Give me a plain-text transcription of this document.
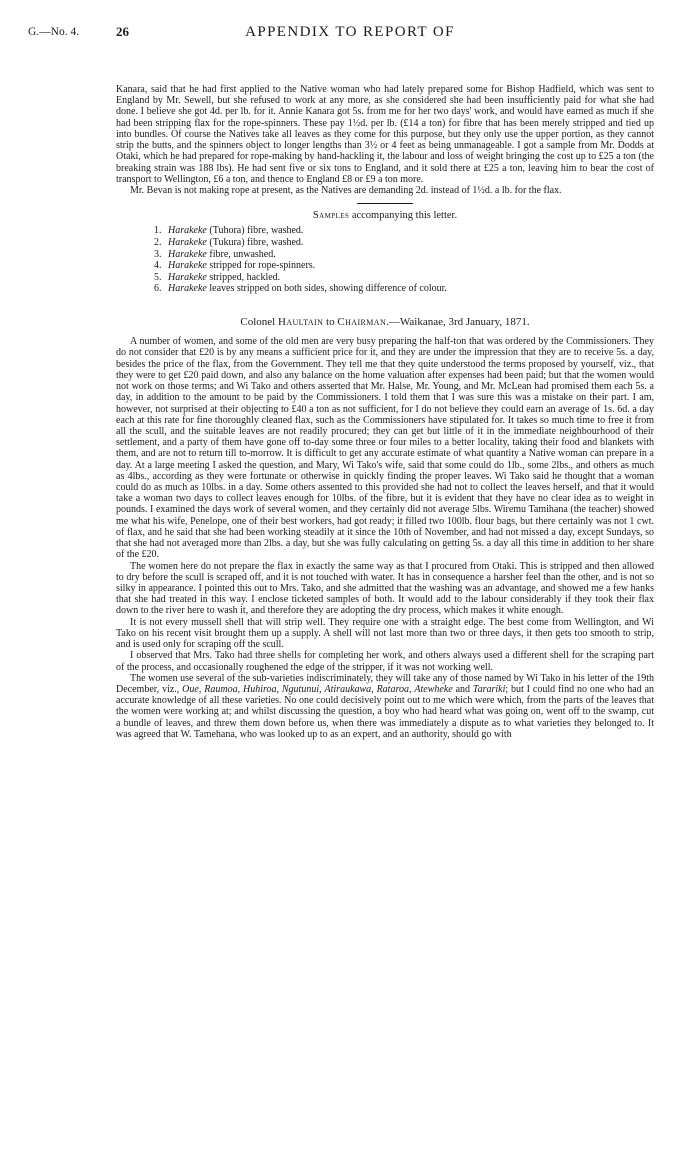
G.—No. 4.	26	APPENDIX TO REPORT OF

Kanara, said that he had first applied to the Native woman who had lately prepared some for Bishop Hadfield, which was sent to England by Mr. Sewell, but she refused to work at any more, as she considered she had been insufficiently paid for what she had done. I believe she got 4d. per lb. for it. Annie Kanara got 5s. from me for her two days' work, and would have earned as much if she had been stripping flax for the rope-spinners. These pay 1½d. per lb. (£14 a ton) for fibre that has been merely stripped and tied up into bundles. Of course the Natives take all leaves as they come for this purpose, but they only use the upper portion, as they cannot strip the butts, and the spinners object to longer lengths than 3½ or 4 feet as being unmanageable. I got a sample from Mr. Dodds at Otaki, which he had prepared for rope-making by hand-hackling it, the labour and loss of weight bringing the cost up to £25 a ton (the breaking strain was 188 lbs). He had sent five or six tons to England, and it sold there at £25 a ton, leaving him to bear the cost of transport to Wellington, £6 a ton, and thence to England £8 or £9 a ton more.

Mr. Bevan is not making rope at present, as the Natives are demanding 2d. instead of 1½d. a lb. for the flax.

Samples accompanying this letter.
1. Harakeke (Tuhora) fibre, washed.
2. Harakeke (Tukura) fibre, washed.
3. Harakeke fibre, unwashed.
4. Harakeke stripped for rope-spinners.
5. Harakeke stripped, hackled.
6. Harakeke leaves stripped on both sides, showing difference of colour.
Colonel Haultain to Chairman.—Waikanae, 3rd January, 1871.

A number of women, and some of the old men are very busy preparing the half-ton that was ordered by the Commissioners. They do not consider that £20 is by any means a sufficient price for it, and they are under the impression that they are to receive 5s. a day, besides the price of the flax, from the Government. They tell me that they quite understood the terms proposed by yourself, viz., that they were to get £20 paid down, and also any balance on the home valuation after expenses had been paid; but that the women would not work on those terms; and Wi Tako and others asserted that Mr. Halse, Mr. Young, and Mr. McLean had promised them each 5s. a day, in addition to the amount to be paid by the Commissioners. I told them that I was sure this was a mistake on their part. I am, however, not surprised at their objecting to £40 a ton as not sufficient, for I do not believe they could earn an average of 1s. 6d. a day each at this rate for fine thoroughly cleaned flax, such as the Commissioners have stipulated for. It takes so much time to free it from all the scull, and the suitable leaves are not readily procured; they can get but little of it in the immediate neighbourhood of their settlement, and a party of them have gone off to-day some three or four miles to a better locality, taking their food and blankets with them, and are not to return till to-morrow. It is difficult to get any accurate estimate of what quantity a Native woman can prepare in a day. At a large meeting I asked the question, and Mary, Wi Tako's wife, said that some could do 1lb., some 2lbs., and others as much as 4lbs., according as they were fortunate or otherwise in quickly finding the proper leaves. Wi Tako said he thought that a woman could do as much as 10lbs. in a day. Some others assented to this provided she had not to collect the leaves herself, and that it would take a woman two days to collect leaves enough for 10lbs. of the fibre, but it is evident that they have no clear idea as to weight in pounds. I examined the days work of several women, and they certainly did not average 5lbs. Wiremu Tamihana (the teacher) showed me what his wife, Penelope, one of their best workers, had got ready; it filled two 100lb. flour bags, but there certainly was not 1 cwt. of flax, and he said that she had been working steadily at it since the 10th of November, and had not missed a day, except Sundays, so that she had not averaged more than 2lbs. a day, but she was fully calculating on getting 5s. a day all this time in addition to her share of the £20.

The women here do not prepare the flax in exactly the same way as that I procured from Otaki. This is stripped and then allowed to dry before the scull is scraped off, and it is not touched with water. It has in consequence a harsher feel than the other, and is not so silky in appearance. I pointed this out to Mrs. Tako, and she admitted that the washing was an advantage, and showed me a few hanks that she had treated in this way. I enclose ticketed samples of both. It would add to the labour considerably if they took their flax down to the river here to wash it, and therefore they are adopting the dry process, which makes it white enough.

It is not every mussell shell that will strip well. They require one with a straight edge. The best come from Wellington, and Wi Tako on his recent visit brought them up a supply. A shell will not last more than two or three days, it then gets too smooth to strip, and is used only for scraping off the scull.

I observed that Mrs. Tako had three shells for completing her work, and others always used a different shell for the scraping part of the process, and occasionally roughened the edge of the stripper, if it was not working well.

The women use several of the sub-varieties indiscriminately, they will take any of those named by Wi Tako in his letter of the 19th December, viz., Oue, Raumoa, Huhiroa, Ngutunui, Atiraukawa, Rataroa, Atewheke and Tarariki; but I could find no one who had an accurate knowledge of all these varieties. No one could decisively point out to me which were which, from the parts of the leaves that the women were working at; and whilst discussing the question, a boy who had heard what was going on, went off to the swamp, cut a bundle of leaves, and threw them down before us, when there was immediately a dispute as to what varieties they belonged to. It was agreed that W. Tamehana, who was looked up to as an expert, and an authority, should go with
